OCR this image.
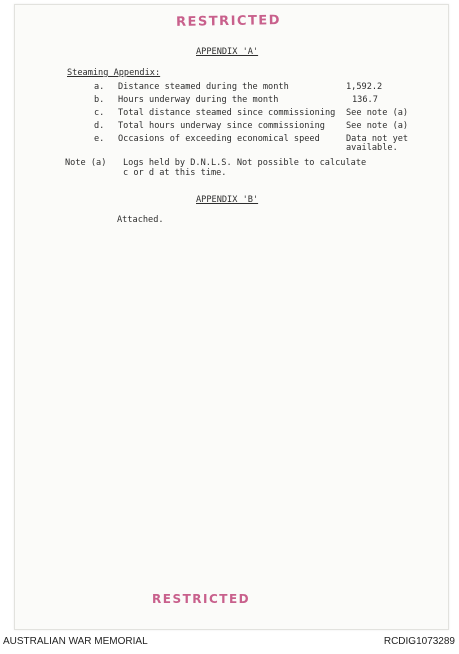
RESTRICTED
APPENDIX 'A'
Steaming Appendix:
a. Distance steamed during the month	1,592.2
b. Hours underway during the month	136.7
c. Total distance steamed since commissioning See note (a)
d. Total hours underway since commissioning See note (a)
e. Occasions of exceeding economical speed	Data not yet
available.
Note (a) Logs held by D.N.L.S. Not possible to calculate
c or d at this time.
APPENDIX 'B'
Attached.
RESTRICTED
AUSTRALIAN WAR MEMORIAL	RCDIG1073289
